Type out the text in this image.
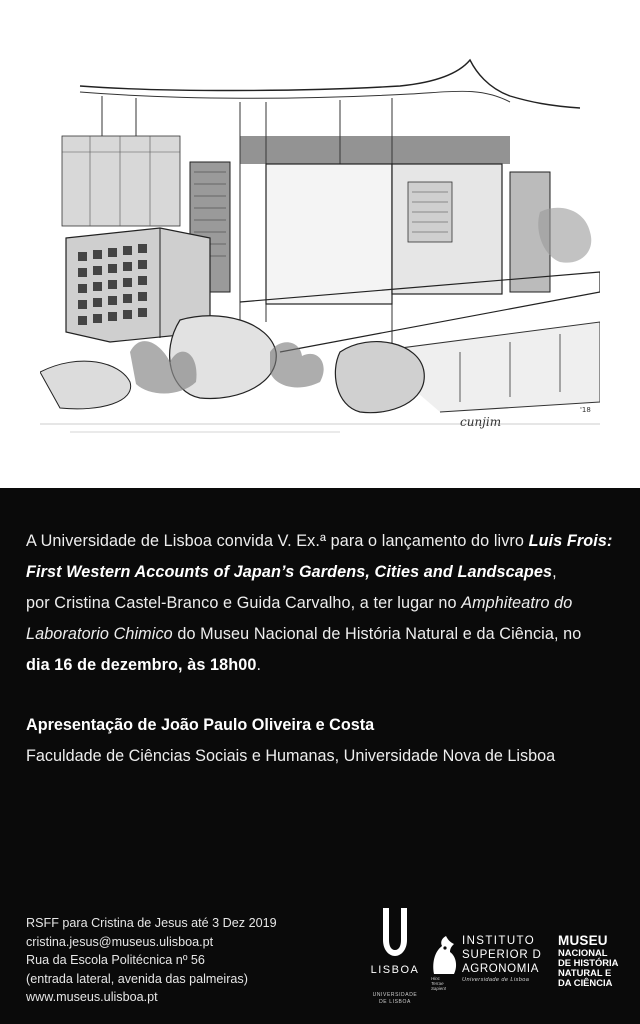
cunjim
'18
A Universidade de Lisboa convida V. Ex.ª para o lançamento do livro Luis Frois:
First Western Accounts of Japan’s Gardens, Cities and Landscapes,
por Cristina Castel-Branco e Guida Carvalho, a ter lugar no Amphiteatro do
Laboratorio Chimico do Museu Nacional de História Natural e da Ciência, no
dia 16 de dezembro, às 18h00.
Apresentação de João Paulo Oliveira e Costa
Faculdade de Ciências Sociais e Humanas, Universidade Nova de Lisboa
RSFF para Cristina de Jesus até 3 Dez 2019
cristina.jesus@museus.ulisboa.pt
Rua da Escola Politécnica nº 56
(entrada lateral, avenida das palmeiras)
www.museus.ulisboa.pt
LISBOA
UNIVERSIDADE
DE LISBOA
Hinc
Terrae
Sapient
INSTITUTO
SUPERIOR D
AGRONOMIA
Universidade de Lisboa
MUSEU
NACIONAL
DE HISTÓRIA
NATURAL E
DA CIÊNCIA
